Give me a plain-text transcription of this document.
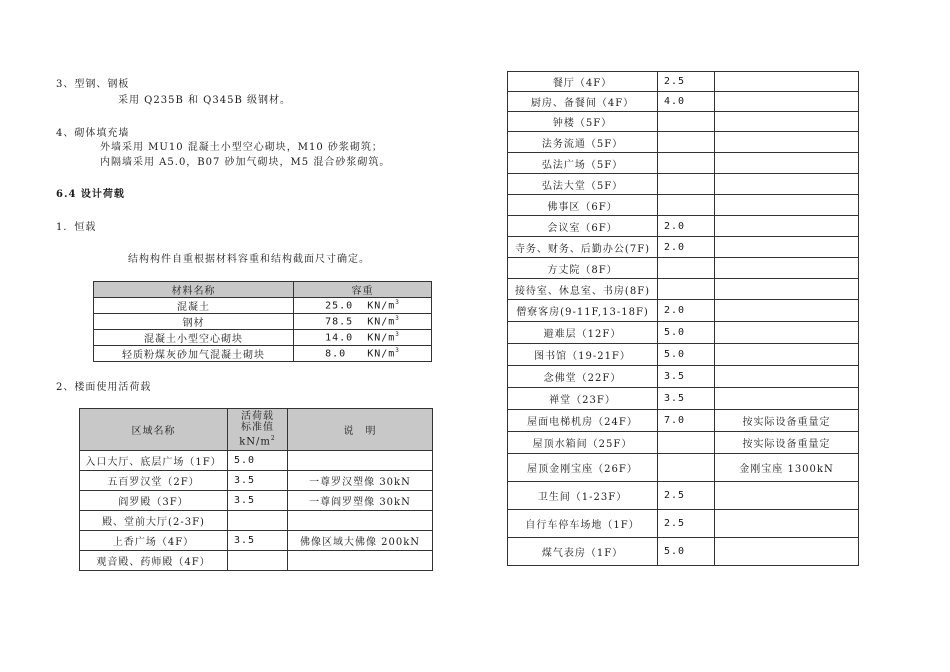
3、型钢、钢板
采用 Q235B 和 Q345B 级钢材。
4、砌体填充墙
外墙采用 MU10 混凝土小型空心砌块，M10 砂浆砌筑；
内隔墙采用 A5.0，B07 砂加气砌块，M5 混合砂浆砌筑。
6.4 设计荷载
1．恒载
结构构件自重根据材料容重和结构截面尺寸确定。
材料名称	容重
混凝土	25.0 $KN/m^3$
钢材	78.5 $KN/m^3$
混凝土小型空心砌块	14.0 $KN/m^3$
轻质粉煤灰砂加气混凝土砌块	8.0 $KN/m^3$
2、楼面使用活荷载
区域名称	活荷载
标准值
$kN/m^2$	说　明
入口大厅、底层广场（1F）	5.0	
五百罗汉堂（2F）	3.5	一尊罗汉塑像 30kN
阎罗殿（3F）	3.5	一尊阎罗塑像 30kN
殿、堂前大厅(2-3F)		
上香广场（4F）	3.5	佛像区域大佛像 200kN
观音殿、药师殿（4F）		
餐厅（4F）	2.5	
厨房、备餐间（4F）	4.0	
钟楼（5F）		
法务流通（5F）		
弘法广场（5F）		
弘法大堂（5F）		
佛事区（6F）		
会议室（6F）	2.0	
寺务、财务、后勤办公(7F)	2.0	
方丈院（8F）		
接待室、休息室、书房(8F)		
僧寮客房(9-11F,13-18F)	2.0	
避难层（12F）	5.0	
图书馆（19-21F）	5.0	
念佛堂（22F）	3.5	
禅堂（23F）	3.5	
屋面电梯机房（24F）	7.0	按实际设备重量定
屋顶水箱间（25F）		按实际设备重量定
屋顶金刚宝座（26F）		金刚宝座 1300kN
卫生间（1-23F）	2.5	
自行车停车场地（1F）	2.5	
煤气表房（1F）	5.0	
